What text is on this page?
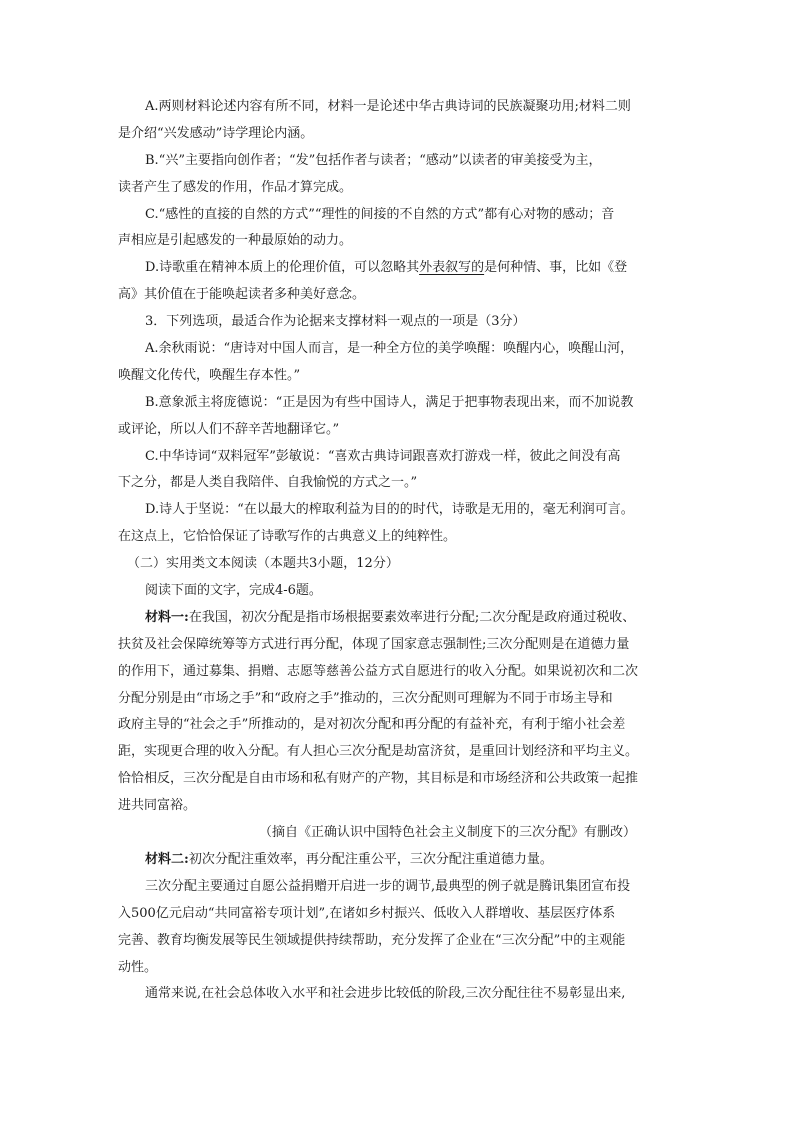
A.两则材料论述内容有所不同，材料一是论述中华古典诗词的民族凝聚功用;材料二则
是介绍“兴发感动”诗学理论内涵。
B.“兴”主要指向创作者；“发”包括作者与读者；“感动”以读者的审美接受为主，
读者产生了感发的作用，作品才算完成。
C.“感性的直接的自然的方式”“理性的间接的不自然的方式”都有心对物的感动；音
声相应是引起感发的一种最原始的动力。
D.诗歌重在精神本质上的伦理价值，可以忽略其外表叙写的是何种情、事，比如《登
高》其价值在于能唤起读者多种美好意念。
3．下列选项，最适合作为论据来支撑材料一观点的一项是（3分）
A.余秋雨说：“唐诗对中国人而言，是一种全方位的美学唤醒：唤醒内心，唤醒山河，
唤醒文化传代，唤醒生存本性。”
B.意象派主将庞德说：“正是因为有些中国诗人，满足于把事物表现出来，而不加说教
或评论，所以人们不辞辛苦地翻译它。”
C.中华诗词“双料冠军”彭敏说：“喜欢古典诗词跟喜欢打游戏一样，彼此之间没有高
下之分，都是人类自我陪伴、自我愉悦的方式之一。”
D.诗人于坚说：“在以最大的榨取利益为目的的时代，诗歌是无用的，毫无利润可言。
在这点上，它恰恰保证了诗歌写作的古典意义上的纯粹性。
（二）实用类文本阅读（本题共3小题，12分）
阅读下面的文字，完成4-6题。
材料一:在我国，初次分配是指市场根据要素效率进行分配;二次分配是政府通过税收、
扶贫及社会保障统筹等方式进行再分配，体现了国家意志强制性;三次分配则是在道德力量
的作用下，通过募集、捐赠、志愿等慈善公益方式自愿进行的收入分配。如果说初次和二次
分配分别是由“市场之手”和“政府之手”推动的，三次分配则可理解为不同于市场主导和
政府主导的“社会之手”所推动的，是对初次分配和再分配的有益补充，有利于缩小社会差
距，实现更合理的收入分配。有人担心三次分配是劫富济贫，是重回计划经济和平均主义。
恰恰相反，三次分配是自由市场和私有财产的产物，其目标是和市场经济和公共政策一起推
进共同富裕。
（摘自《正确认识中国特色社会主义制度下的三次分配》有删改）
材料二:初次分配注重效率，再分配注重公平，三次分配注重道德力量。
三次分配主要通过自愿公益捐赠开启进一步的调节,最典型的例子就是腾讯集团宣布投
入500亿元启动“共同富裕专项计划”,在诸如乡村振兴、低收入人群增收、基层医疗体系
完善、教育均衡发展等民生领域提供持续帮助，充分发挥了企业在“三次分配”中的主观能
动性。
通常来说,在社会总体收入水平和社会进步比较低的阶段,三次分配往往不易彰显出来,
